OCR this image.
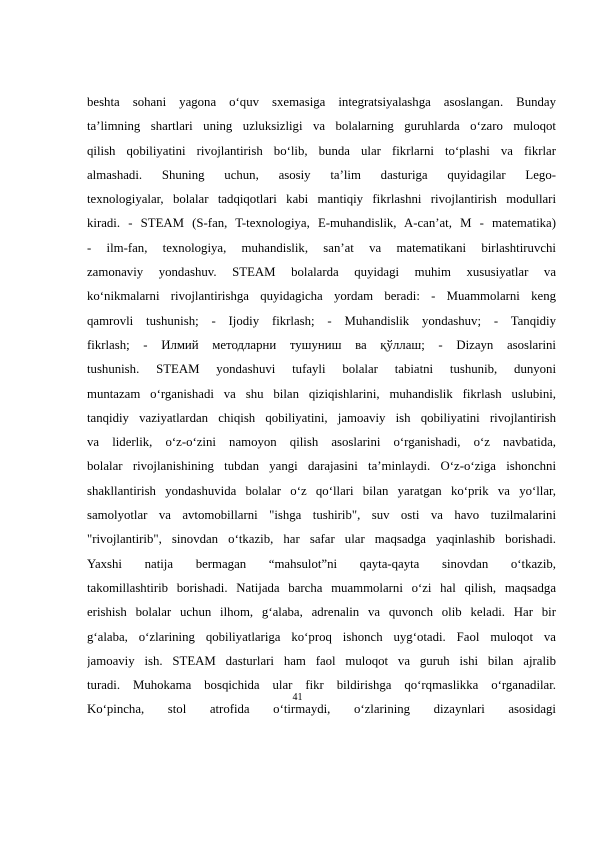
beshta sohani yagona o‘quv sxemasiga integratsiyalashga asoslangan. Bunday
ta’limning shartlari uning uzluksizligi va bolalarning guruhlarda o‘zaro muloqot
qilish qobiliyatini rivojlantirish bo‘lib, bunda ular fikrlarni to‘plashi va fikrlar
almashadi. Shuning uchun, asosiy ta’lim dasturiga quyidagilar Lego-
texnologiyalar, bolalar tadqiqotlari kabi mantiqiy fikrlashni rivojlantirish modullari
kiradi. - STEAM (S-fan, T-texnologiya, E-muhandislik, A-can’at, M - matematika)
- ilm-fan, texnologiya, muhandislik, san’at va matematikani birlashtiruvchi
zamonaviy yondashuv. STEAM bolalarda quyidagi muhim xususiyatlar va
ko‘nikmalarni rivojlantirishga quyidagicha yordam beradi: - Muammolarni keng
qamrovli tushunish; - Ijodiy fikrlash; - Muhandislik yondashuv; - Tanqidiy
fikrlash; - Илмий методларни тушуниш ва қўллаш; - Dizayn asoslarini
tushunish. STEAM yondashuvi tufayli bolalar tabiatni tushunib, dunyoni
muntazam o‘rganishadi va shu bilan qiziqishlarini, muhandislik fikrlash uslubini,
tanqidiy vaziyatlardan chiqish qobiliyatini, jamoaviy ish qobiliyatini rivojlantirish
va liderlik, o‘z-o‘zini namoyon qilish asoslarini o‘rganishadi, o‘z navbatida,
bolalar rivojlanishining tubdan yangi darajasini ta’minlaydi. O‘z-o‘ziga ishonchni
shakllantirish yondashuvida bolalar o‘z qo‘llari bilan yaratgan ko‘prik va yo‘llar,
samolyotlar va avtomobillarni "ishga tushirib", suv osti va havo tuzilmalarini
"rivojlantirib", sinovdan o‘tkazib, har safar ular maqsadga yaqinlashib borishadi.
Yaxshi natija bermagan “mahsulot”ni qayta-qayta sinovdan o‘tkazib,
takomillashtirib borishadi. Natijada barcha muammolarni o‘zi hal qilish, maqsadga
erishish bolalar uchun ilhom, g‘alaba, adrenalin va quvonch olib keladi. Har bir
g‘alaba, o‘zlarining qobiliyatlariga ko‘proq ishonch uyg‘otadi. Faol muloqot va
jamoaviy ish. STEAM dasturlari ham faol muloqot va guruh ishi bilan ajralib
turadi. Muhokama bosqichida ular fikr bildirishga qo‘rqmaslikka o‘rganadilar.
Ko‘pincha, stol atrofida o‘tirmaydi, o‘zlarining dizaynlari asosidagi
41
